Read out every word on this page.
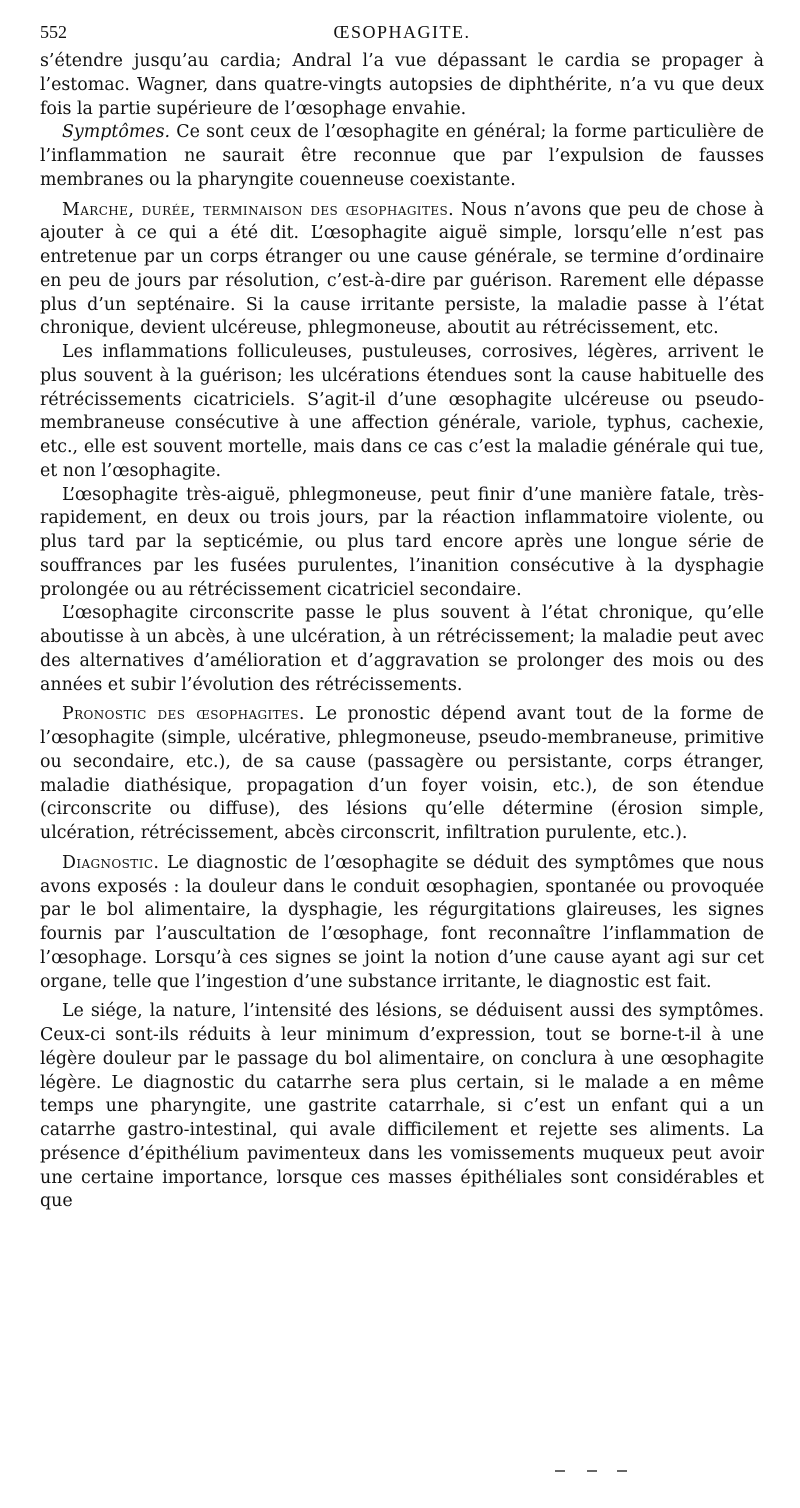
552	ŒSOPHAGITE.

s’étendre jusqu’au cardia; Andral l’a vue dépassant le cardia se propager à l’estomac. Wagner, dans quatre-vingts autopsies de diphthérite, n’a vu que deux fois la partie supérieure de l’œsophage envahie.

Symptômes. Ce sont ceux de l’œsophagite en général; la forme particulière de l’inflammation ne saurait être reconnue que par l’expulsion de fausses membranes ou la pharyngite couenneuse coexistante.

Marche, durée, terminaison des œsophagites. Nous n’avons que peu de chose à ajouter à ce qui a été dit. L’œsophagite aiguë simple, lorsqu’elle n’est pas entretenue par un corps étranger ou une cause générale, se termine d’ordinaire en peu de jours par résolution, c’est-à-dire par guérison. Rarement elle dépasse plus d’un septénaire. Si la cause irritante persiste, la maladie passe à l’état chronique, devient ulcéreuse, phlegmoneuse, aboutit au rétrécissement, etc.

Les inflammations folliculeuses, pustuleuses, corrosives, légères, arrivent le plus souvent à la guérison; les ulcérations étendues sont la cause habituelle des rétrécissements cicatriciels. S’agit-il d’une œsophagite ulcéreuse ou pseudo-membraneuse consécutive à une affection générale, variole, typhus, cachexie, etc., elle est souvent mortelle, mais dans ce cas c’est la maladie générale qui tue, et non l’œsophagite.

L’œsophagite très-aiguë, phlegmoneuse, peut finir d’une manière fatale, très-rapidement, en deux ou trois jours, par la réaction inflammatoire violente, ou plus tard par la septicémie, ou plus tard encore après une longue série de souffrances par les fusées purulentes, l’inanition consécutive à la dysphagie prolongée ou au rétrécissement cicatriciel secondaire.

L’œsophagite circonscrite passe le plus souvent à l’état chronique, qu’elle aboutisse à un abcès, à une ulcération, à un rétrécissement; la maladie peut avec des alternatives d’amélioration et d’aggravation se prolonger des mois ou des années et subir l’évolution des rétrécissements.

Pronostic des œsophagites. Le pronostic dépend avant tout de la forme de l’œsophagite (simple, ulcérative, phlegmoneuse, pseudo-membraneuse, primitive ou secondaire, etc.), de sa cause (passagère ou persistante, corps étranger, maladie diathésique, propagation d’un foyer voisin, etc.), de son étendue (circonscrite ou diffuse), des lésions qu’elle détermine (érosion simple, ulcération, rétrécissement, abcès circonscrit, infiltration purulente, etc.).

Diagnostic. Le diagnostic de l’œsophagite se déduit des symptômes que nous avons exposés : la douleur dans le conduit œsophagien, spontanée ou provoquée par le bol alimentaire, la dysphagie, les régurgitations glaireuses, les signes fournis par l’auscultation de l’œsophage, font reconnaître l’inflammation de l’œsophage. Lorsqu’à ces signes se joint la notion d’une cause ayant agi sur cet organe, telle que l’ingestion d’une substance irritante, le diagnostic est fait.

Le siége, la nature, l’intensité des lésions, se déduisent aussi des symptômes. Ceux-ci sont-ils réduits à leur minimum d’expression, tout se borne-t-il à une légère douleur par le passage du bol alimentaire, on conclura à une œsophagite légère. Le diagnostic du catarrhe sera plus certain, si le malade a en même temps une pharyngite, une gastrite catarrhale, si c’est un enfant qui a un catarrhe gastro-intestinal, qui avale difficilement et rejette ses aliments. La présence d’épithélium pavimenteux dans les vomissements muqueux peut avoir une certaine importance, lorsque ces masses épithéliales sont considérables et que
